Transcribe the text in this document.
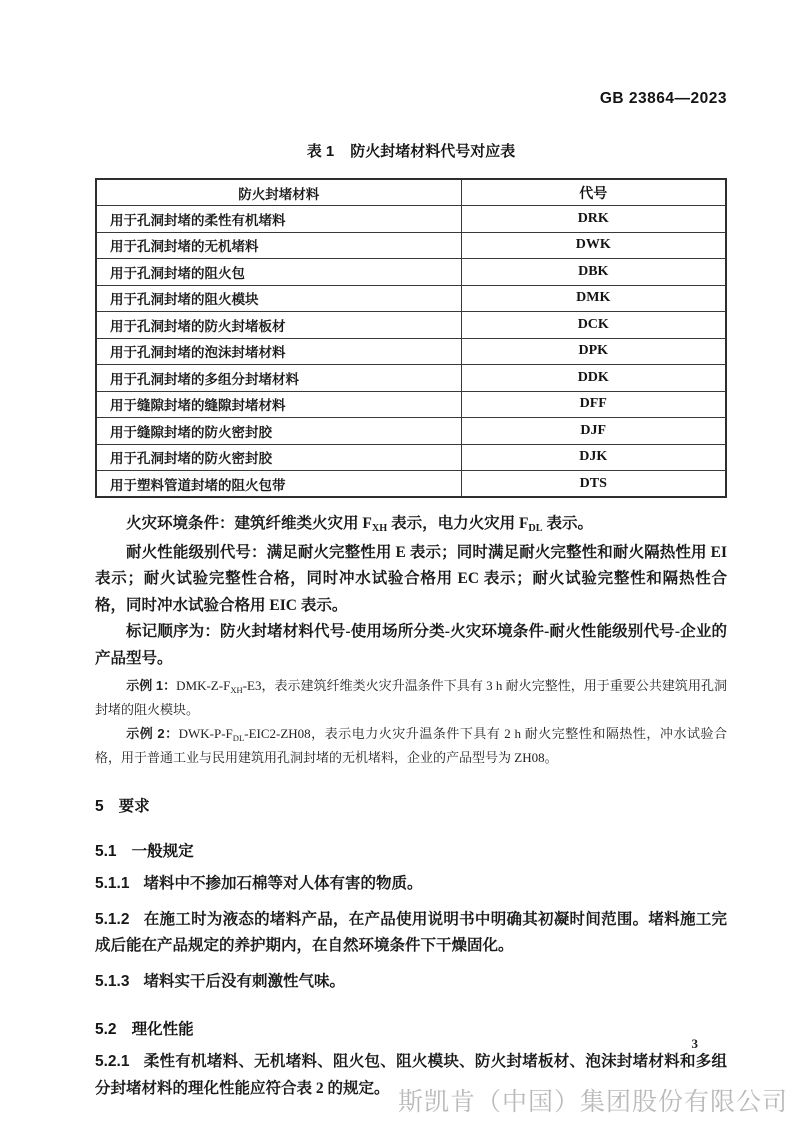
GB 23864—2023
表 1 防火封堵材料代号对应表
防火封堵材料	代号
用于孔洞封堵的柔性有机堵料	DRK
用于孔洞封堵的无机堵料	DWK
用于孔洞封堵的阻火包	DBK
用于孔洞封堵的阻火模块	DMK
用于孔洞封堵的防火封堵板材	DCK
用于孔洞封堵的泡沫封堵材料	DPK
用于孔洞封堵的多组分封堵材料	DDK
用于缝隙封堵的缝隙封堵材料	DFF
用于缝隙封堵的防火密封胶	DJF
用于孔洞封堵的防火密封胶	DJK
用于塑料管道封堵的阻火包带	DTS

火灾环境条件：建筑纤维类火灾用 $F_{XH}$ 表示，电力火灾用 $F_{DL}$ 表示。

耐火性能级别代号：满足耐火完整性用 E 表示；同时满足耐火完整性和耐火隔热性用 EI 表示；耐火试验完整性合格，同时冲水试验合格用 EC 表示；耐火试验完整性和隔热性合格，同时冲水试验合格用 EIC 表示。

标记顺序为：防火封堵材料代号-使用场所分类-火灾环境条件-耐火性能级别代号-企业的产品型号。

示例 1：DMK-$Z-F_{XH}-E3$，表示建筑纤维类火灾升温条件下具有 3 h 耐火完整性，用于重要公共建筑用孔洞封堵的阻火模块。

示例 2：DWK-$P-F_{DL}-EIC2-ZH08$，表示电力火灾升温条件下具有 2 h 耐火完整性和隔热性，冲水试验合格，用于普通工业与民用建筑用孔洞封堵的无机堵料，企业的产品型号为 ZH08。

5 要求
5.1 一般规定

5.1.1 堵料中不掺加石棉等对人体有害的物质。

5.1.2 在施工时为液态的堵料产品，在产品使用说明书中明确其初凝时间范围。堵料施工完成后能在产品规定的养护期内，在自然环境条件下干燥固化。

5.1.3 堵料实干后没有刺激性气味。

5.2 理化性能

5.2.1 柔性有机堵料、无机堵料、阻火包、阻火模块、防火封堵板材、泡沫封堵材料和多组分封堵材料的理化性能应符合表 2 的规定。

3
斯凯肯（中国）集团股份有限公司
